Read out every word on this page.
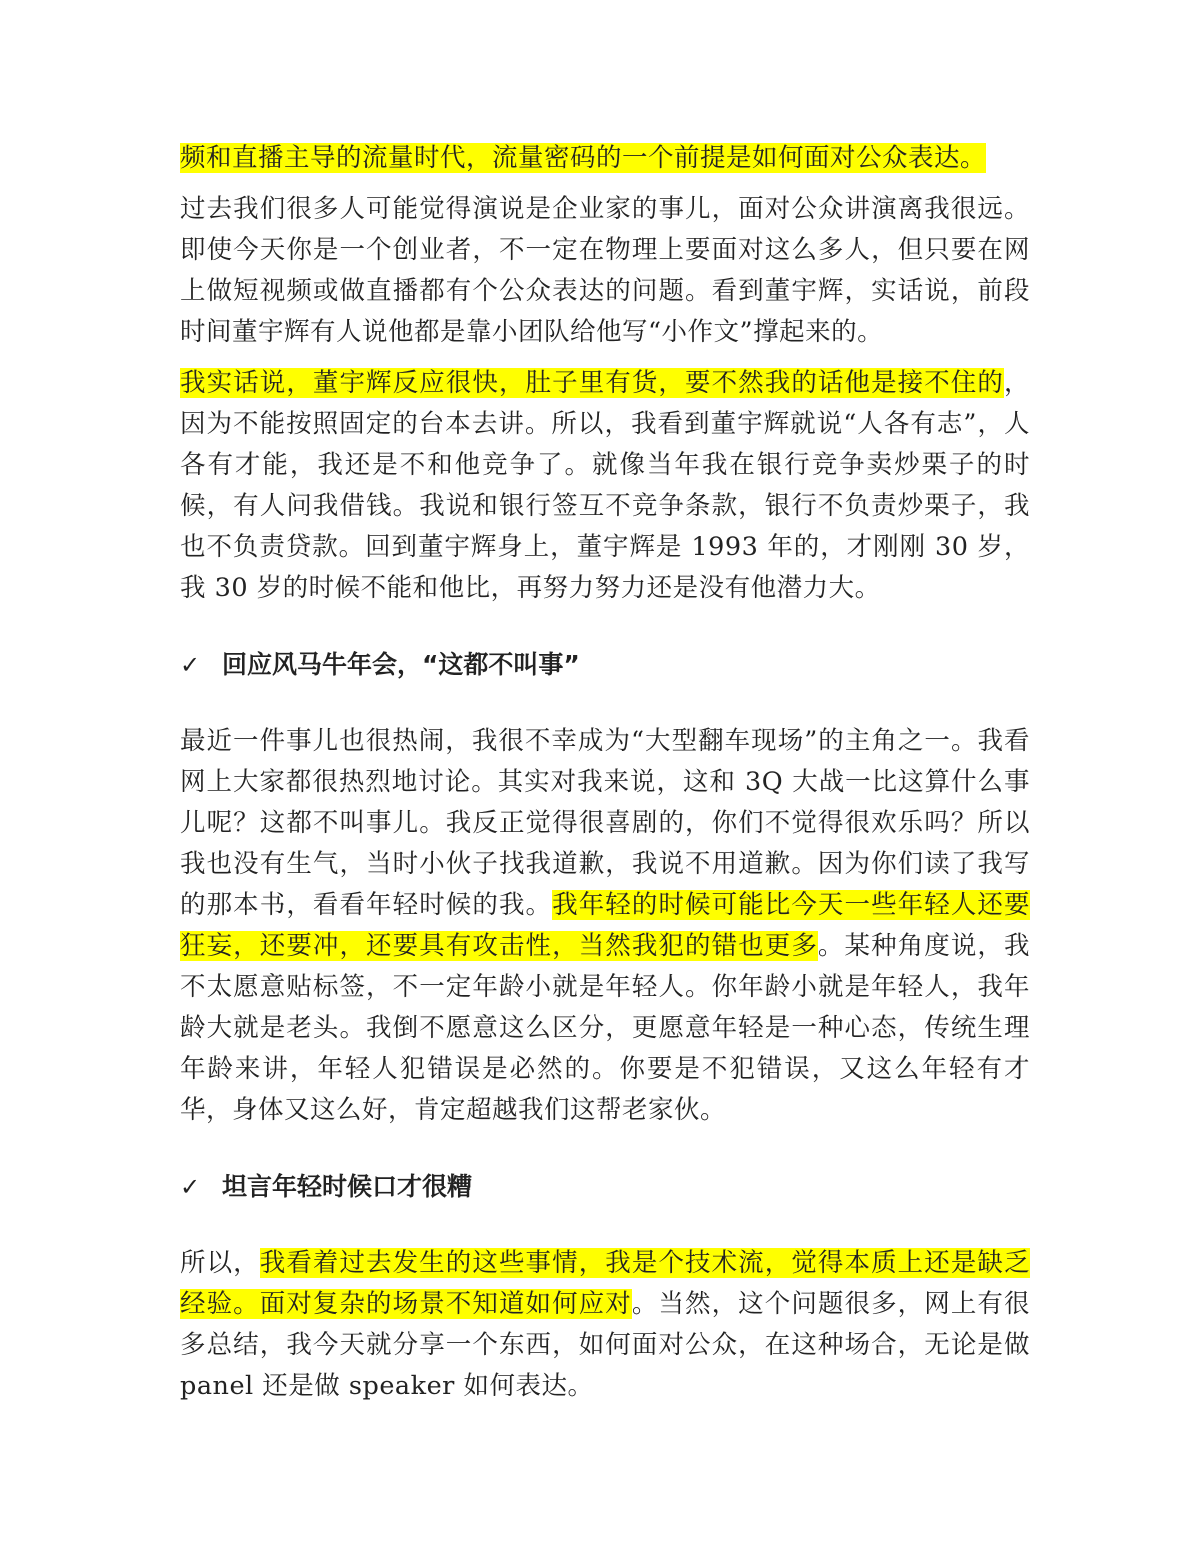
频和直播主导的流量时代，流量密码的一个前提是如何面对公众表达。

过去我们很多人可能觉得演说是企业家的事儿，面对公众讲演离我很远。即使今天你是一个创业者，不一定在物理上要面对这么多人，但只要在网上做短视频或做直播都有个公众表达的问题。看到董宇辉，实话说，前段时间董宇辉有人说他都是靠小团队给他写“小作文”撑起来的。

我实话说，董宇辉反应很快，肚子里有货，要不然我的话他是接不住的，因为不能按照固定的台本去讲。所以，我看到董宇辉就说“人各有志”，人各有才能，我还是不和他竞争了。就像当年我在银行竞争卖炒栗子的时候，有人问我借钱。我说和银行签互不竞争条款，银行不负责炒栗子，我也不负责贷款。回到董宇辉身上，董宇辉是 1993 年的，才刚刚 30 岁，我 30 岁的时候不能和他比，再努力努力还是没有他潜力大。

✓ 回应风马牛年会，“这都不叫事”

最近一件事儿也很热闹，我很不幸成为“大型翻车现场”的主角之一。我看网上大家都很热烈地讨论。其实对我来说，这和 3Q 大战一比这算什么事儿呢？这都不叫事儿。我反正觉得很喜剧的，你们不觉得很欢乐吗？所以我也没有生气，当时小伙子找我道歉，我说不用道歉。因为你们读了我写的那本书，看看年轻时候的我。我年轻的时候可能比今天一些年轻人还要狂妄，还要冲，还要具有攻击性，当然我犯的错也更多。某种角度说，我不太愿意贴标签，不一定年龄小就是年轻人。你年龄小就是年轻人，我年龄大就是老头。我倒不愿意这么区分，更愿意年轻是一种心态，传统生理年龄来讲，年轻人犯错误是必然的。你要是不犯错误，又这么年轻有才华，身体又这么好，肯定超越我们这帮老家伙。

✓ 坦言年轻时候口才很糟

所以，我看着过去发生的这些事情，我是个技术流，觉得本质上还是缺乏经验。面对复杂的场景不知道如何应对。当然，这个问题很多，网上有很多总结，我今天就分享一个东西，如何面对公众，在这种场合，无论是做 panel 还是做 speaker 如何表达。
